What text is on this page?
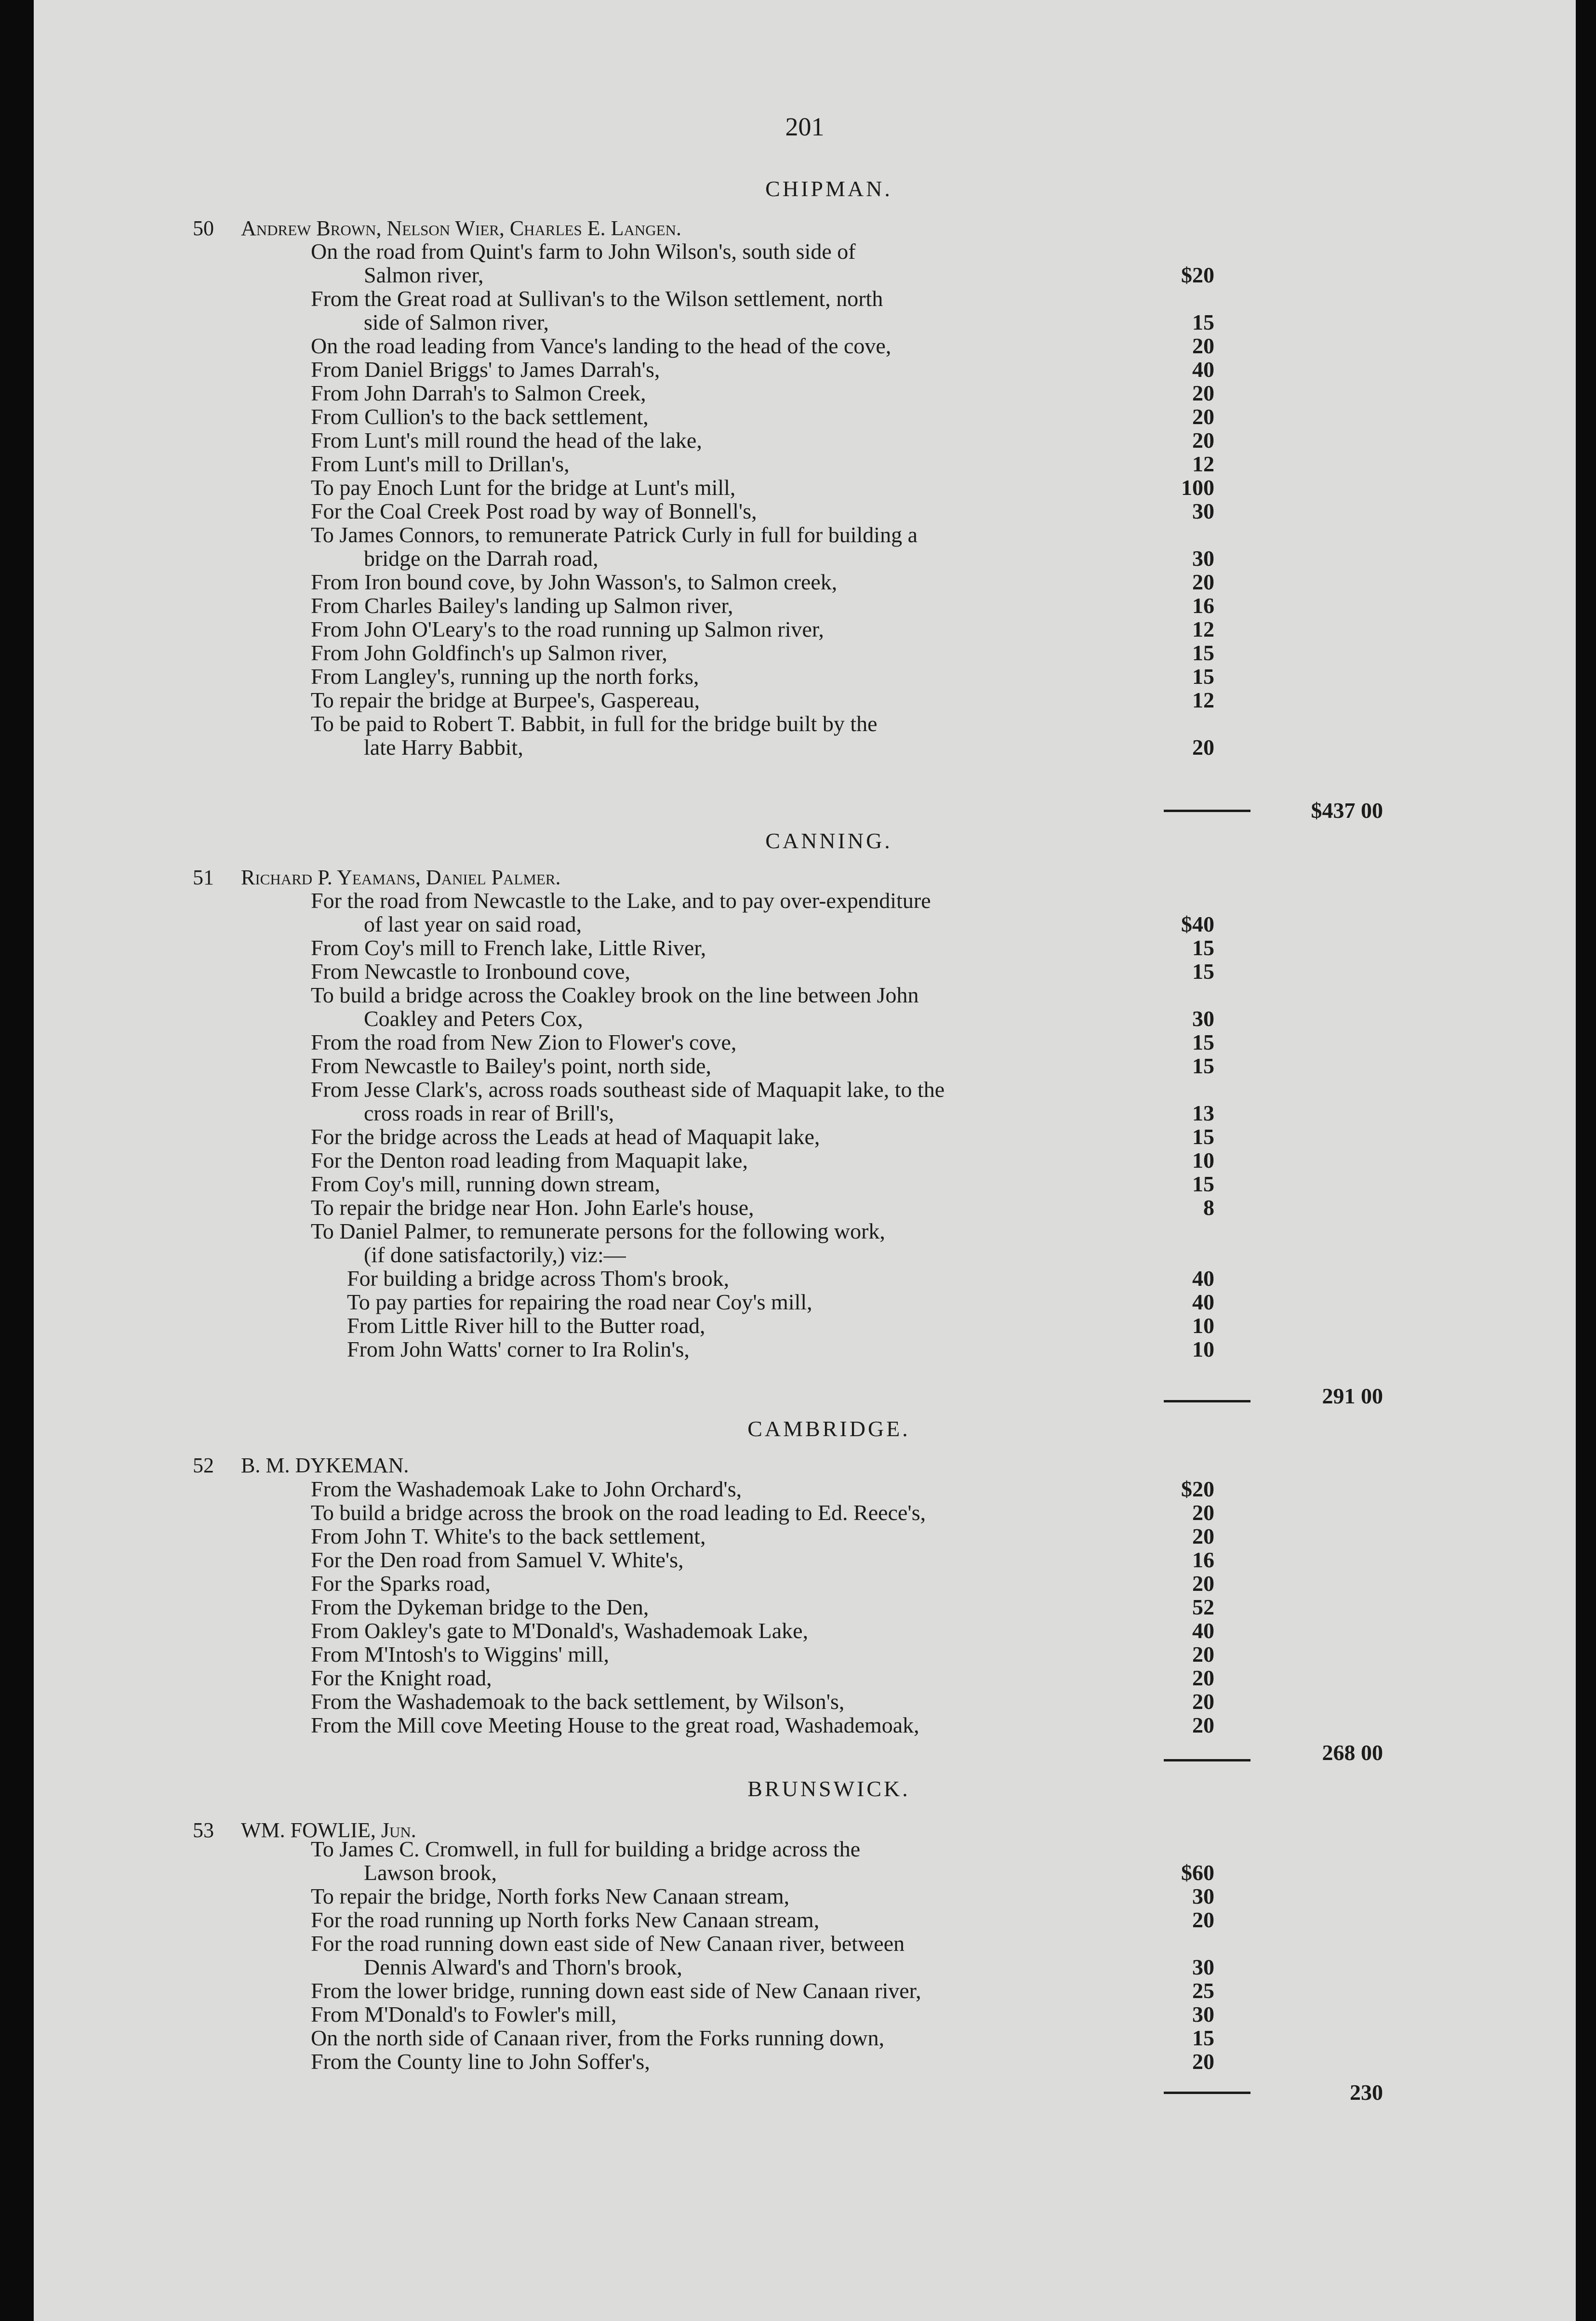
201
CHIPMAN.
50 Andrew Brown, Nelson Wier, Charles E. Langen.
On the road from Quint's farm to John Wilson's, south side of
Salmon river,	$20
From the Great road at Sullivan's to the Wilson settlement, north
side of Salmon river,	15
On the road leading from Vance's landing to the head of the cove,	20
From Daniel Briggs' to James Darrah's,	40
From John Darrah's to Salmon Creek,	20
From Cullion's to the back settlement,	20
From Lunt's mill round the head of the lake,	20
From Lunt's mill to Drillan's,	12
To pay Enoch Lunt for the bridge at Lunt's mill,	100
For the Coal Creek Post road by way of Bonnell's,	30
To James Connors, to remunerate Patrick Curly in full for building a
bridge on the Darrah road,	30
From Iron bound cove, by John Wasson's, to Salmon creek,	20
From Charles Bailey's landing up Salmon river,	16
From John O'Leary's to the road running up Salmon river,	12
From John Goldfinch's up Salmon river,	15
From Langley's, running up the north forks,	15
To repair the bridge at Burpee's, Gaspereau,	12
To be paid to Robert T. Babbit, in full for the bridge built by the
late Harry Babbit,	20
$437 00
CANNING.
51 Richard P. Yeamans, Daniel Palmer.
For the road from Newcastle to the Lake, and to pay over-expenditure
of last year on said road,	$40
From Coy's mill to French lake, Little River,	15
From Newcastle to Ironbound cove,	15
To build a bridge across the Coakley brook on the line between John
Coakley and Peters Cox,	30
From the road from New Zion to Flower's cove,	15
From Newcastle to Bailey's point, north side,	15
From Jesse Clark's, across roads southeast side of Maquapit lake, to the
cross roads in rear of Brill's,	13
For the bridge across the Leads at head of Maquapit lake,	15
For the Denton road leading from Maquapit lake,	10
From Coy's mill, running down stream,	15
To repair the bridge near Hon. John Earle's house,	8
To Daniel Palmer, to remunerate persons for the following work,
(if done satisfactorily,) viz:—
For building a bridge across Thom's brook,	40
To pay parties for repairing the road near Coy's mill,	40
From Little River hill to the Butter road,	10
From John Watts' corner to Ira Rolin's,	10
291 00
CAMBRIDGE.
52 B. M. DYKEMAN.
From the Washademoak Lake to John Orchard's,	$20
To build a bridge across the brook on the road leading to Ed. Reece's,	20
From John T. White's to the back settlement,	20
For the Den road from Samuel V. White's,	16
For the Sparks road,	20
From the Dykeman bridge to the Den,	52
From Oakley's gate to M'Donald's, Washademoak Lake,	40
From M'Intosh's to Wiggins' mill,	20
For the Knight road,	20
From the Washademoak to the back settlement, by Wilson's,	20
From the Mill cove Meeting House to the great road, Washademoak,	20
268 00
BRUNSWICK.
53 WM. FOWLIE, Jun.
To James C. Cromwell, in full for building a bridge across the
Lawson brook,	$60
To repair the bridge, North forks New Canaan stream,	30
For the road running up North forks New Canaan stream,	20
For the road running down east side of New Canaan river, between
Dennis Alward's and Thorn's brook,	30
From the lower bridge, running down east side of New Canaan river,	25
From M'Donald's to Fowler's mill,	30
On the north side of Canaan river, from the Forks running down,	15
From the County line to John Soffer's,	20
230
